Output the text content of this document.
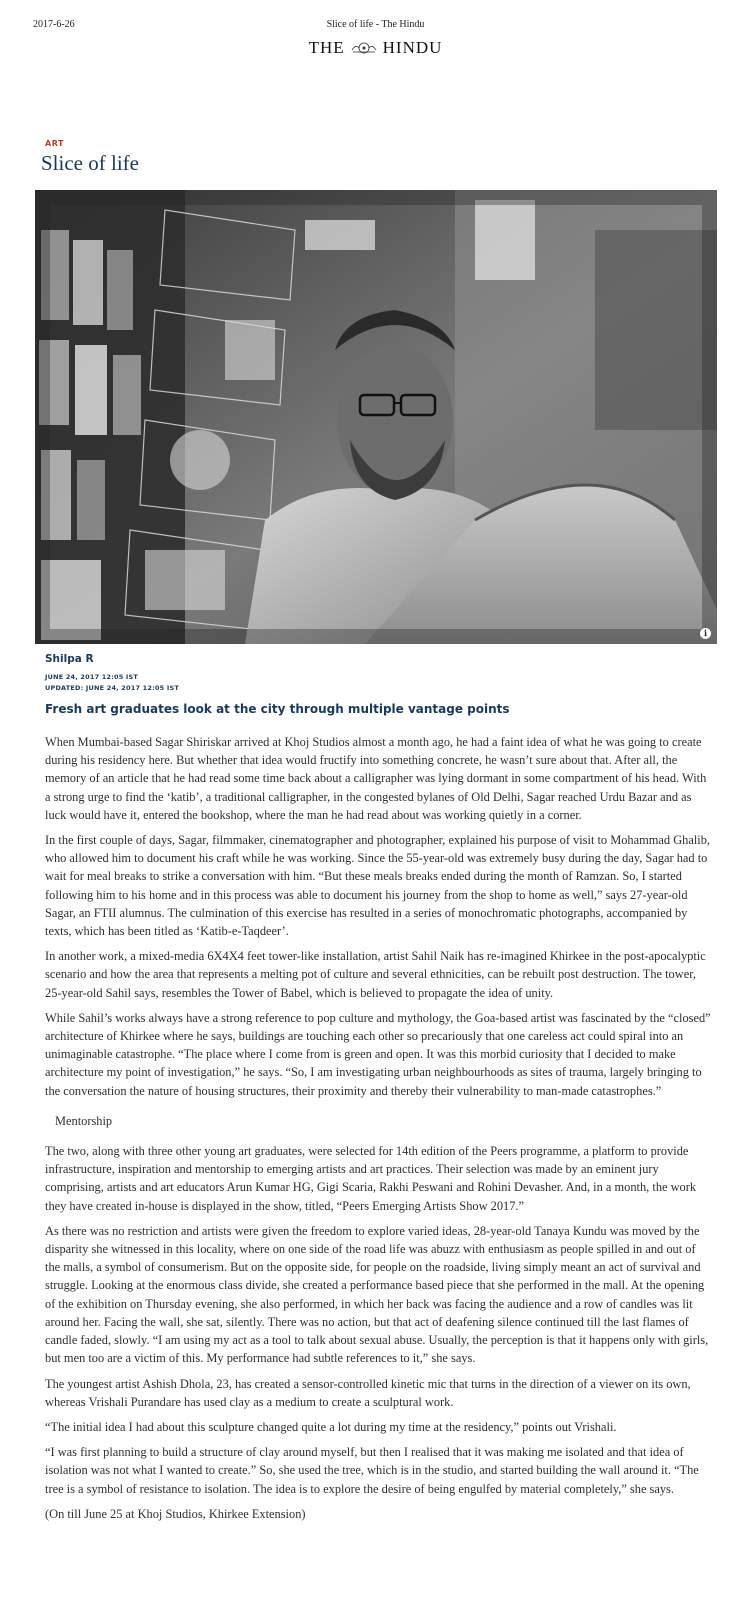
2017-6-26	Slice of life - The Hindu
THE HINDU
ART
Slice of life
i
Shilpa R
JUNE 24, 2017 12:05 IST
UPDATED: JUNE 24, 2017 12:05 IST
Fresh art graduates look at the city through multiple vantage points

When Mumbai-based Sagar Shiriskar arrived at Khoj Studios almost a month ago, he had a faint idea of what he was going to create during his residency here. But whether that idea would fructify into something concrete, he wasn’t sure about that. After all, the memory of an article that he had read some time back about a calligrapher was lying dormant in some compartment of his head. With a strong urge to find the ‘katib’, a traditional calligrapher, in the congested bylanes of Old Delhi, Sagar reached Urdu Bazar and as luck would have it, entered the bookshop, where the man he had read about was working quietly in a corner.

In the first couple of days, Sagar, filmmaker, cinematographer and photographer, explained his purpose of visit to Mohammad Ghalib, who allowed him to document his craft while he was working. Since the 55-year-old was extremely busy during the day, Sagar had to wait for meal breaks to strike a conversation with him. “But these meals breaks ended during the month of Ramzan. So, I started following him to his home and in this process was able to document his journey from the shop to home as well,” says 27-year-old Sagar, an FTII alumnus. The culmination of this exercise has resulted in a series of monochromatic photographs, accompanied by texts, which has been titled as ‘Katib-e-Taqdeer’.

In another work, a mixed-media 6X4X4 feet tower-like installation, artist Sahil Naik has re-imagined Khirkee in the post-apocalyptic scenario and how the area that represents a melting pot of culture and several ethnicities, can be rebuilt post destruction. The tower, 25-year-old Sahil says, resembles the Tower of Babel, which is believed to propagate the idea of unity.

While Sahil’s works always have a strong reference to pop culture and mythology, the Goa-based artist was fascinated by the “closed” architecture of Khirkee where he says, buildings are touching each other so precariously that one careless act could spiral into an unimaginable catastrophe. “The place where I come from is green and open. It was this morbid curiosity that I decided to make architecture my point of investigation,” he says. “So, I am investigating urban neighbourhoods as sites of trauma, largely bringing to the conversation the nature of housing structures, their proximity and thereby their vulnerability to man-made catastrophes.”

Mentorship

The two, along with three other young art graduates, were selected for 14th edition of the Peers programme, a platform to provide infrastructure, inspiration and mentorship to emerging artists and art practices. Their selection was made by an eminent jury comprising, artists and art educators Arun Kumar HG, Gigi Scaria, Rakhi Peswani and Rohini Devasher. And, in a month, the work they have created in-house is displayed in the show, titled, “Peers Emerging Artists Show 2017.”

As there was no restriction and artists were given the freedom to explore varied ideas, 28-year-old Tanaya Kundu was moved by the disparity she witnessed in this locality, where on one side of the road life was abuzz with enthusiasm as people spilled in and out of the malls, a symbol of consumerism. But on the opposite side, for people on the roadside, living simply meant an act of survival and struggle. Looking at the enormous class divide, she created a performance based piece that she performed in the mall. At the opening of the exhibition on Thursday evening, she also performed, in which her back was facing the audience and a row of candles was lit around her. Facing the wall, she sat, silently. There was no action, but that act of deafening silence continued till the last flames of candle faded, slowly. “I am using my act as a tool to talk about sexual abuse. Usually, the perception is that it happens only with girls, but men too are a victim of this. My performance had subtle references to it,” she says.

The youngest artist Ashish Dhola, 23, has created a sensor-controlled kinetic mic that turns in the direction of a viewer on its own, whereas Vrishali Purandare has used clay as a medium to create a sculptural work.

“The initial idea I had about this sculpture changed quite a lot during my time at the residency,” points out Vrishali.

“I was first planning to build a structure of clay around myself, but then I realised that it was making me isolated and that idea of isolation was not what I wanted to create.” So, she used the tree, which is in the studio, and started building the wall around it. “The tree is a symbol of resistance to isolation. The idea is to explore the desire of being engulfed by material completely,” she says.

(On till June 25 at Khoj Studios, Khirkee Extension)
